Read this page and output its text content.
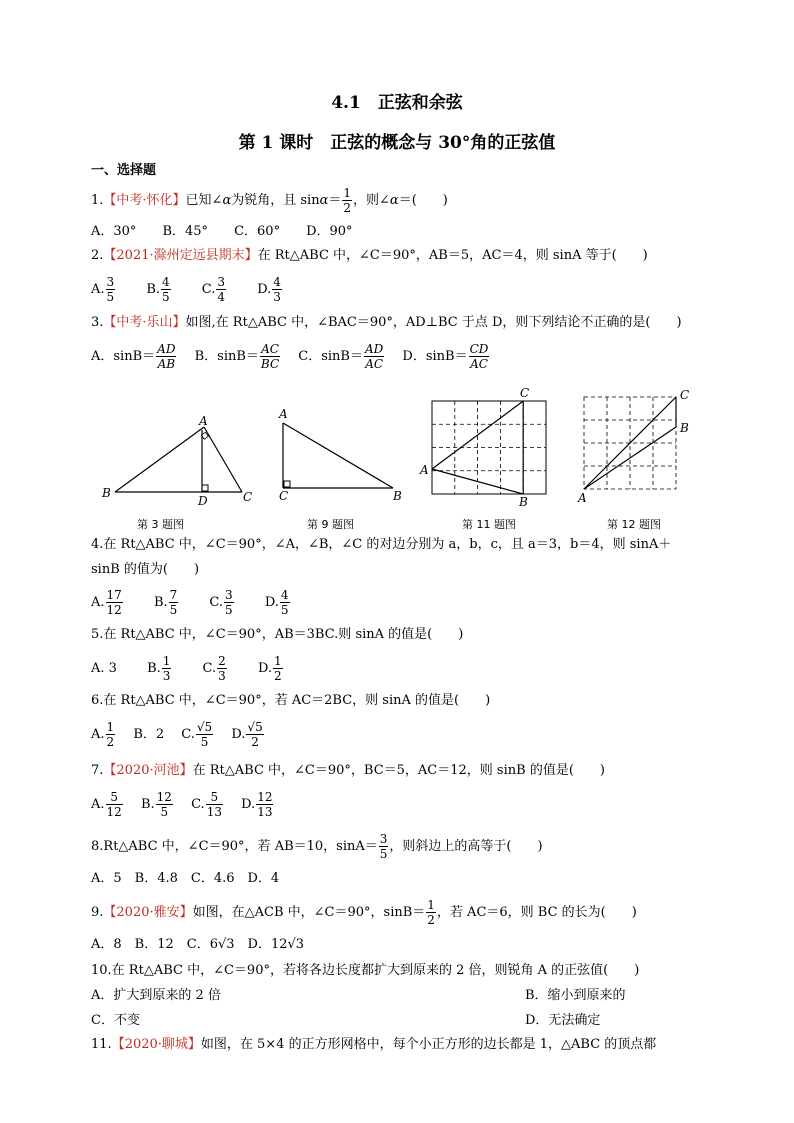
4.1　正弦和余弦
第 1 课时　正弦的概念与 30°角的正弦值
一、选择题
1.【中考·怀化】已知∠α为锐角，且 $\sin\alpha= \frac{1}{2}$ ，则∠α＝(　　)
A．30°　　 B．45°　　 C．60°　　 D．90°
2.【2021·滁州定远县期末】在 Rt△ABC 中，∠C＝90°，AB＝5，AC＝4，则 sinA 等于(　　)
A. $\frac{3}{5}$
　　 B. $\frac{4}{5}$
　　 C. $\frac{3}{4}$
　　 D. $\frac{4}{3}$
3.【中考·乐山】如图,在 Rt△ABC 中，∠BAC＝90°，AD⊥BC 于点 D，则下列结论不正确的是(　　)
A．$\sin B= \frac{AD}{AB}$
　 B．$\sin B= \frac{AC}{BC}$
　 C．$\sin B= \frac{AD}{AC}$
　 D．$\sin B= \frac{CD}{AC}$
A
B	C
D
A
C	B
C
A
B
C
B
A
第 3 题图	第 9 题图	第 11 题图	第 12 题图
4.在 Rt△ABC 中，∠C＝90°，∠A，∠B，∠C 的对边分别为 a，b，c，且 a＝3，b＝4，则 sinA＋
sinB 的值为(　　)
A. $\frac{17}{12}$
　　 B. $\frac{7}{5}$
　　 C. $\frac{3}{5}$
　　 D. $\frac{4}{5}$
5.在 Rt△ABC 中，∠C＝90°，AB＝3BC.则 sinA 的值是(　　)
A. 3　　 B. $\frac{1}{3}$
　　 C. $\frac{2}{3}$
　　 D. $\frac{1}{2}$
6.在 Rt△ABC 中，∠C＝90°，若 AC＝2BC，则 sinA 的值是(　　)
A. $\frac{1}{2}$
　 B．2　 C. $\frac{√5}{5}$
　 D. $\frac{√5}{2}$
7.【2020·河池】在 Rt△ABC 中，∠C＝90°，BC＝5，AC＝12，则 sinB 的值是(　　)
A. $\frac{5}{12}$
　 B. $\frac{12}{5}$
　 C. $\frac{5}{13}$
　 D. $\frac{12}{13}$
8.Rt△ABC 中，∠C＝90°，若 AB＝10，$\sin A= \frac{3}{5}$ ，则斜边上的高等于(　　)
A．5　B．4.8　C．4.6　D．4
9.【2020·雅安】如图，在△ACB 中，∠C＝90°，$\sin B= \frac{1}{2}$ ，若 AC＝6，则 BC 的长为(　　)
A．8　B．12　C．6√3　D．12√3
10.在 Rt△ABC 中，∠C＝90°，若将各边长度都扩大到原来的 2 倍，则锐角 A 的正弦值(　　)
A．扩大到原来的 2 倍	B．缩小到原来的
C．不变	D．无法确定
11.【2020·聊城】如图，在 5×4 的正方形网格中，每个小正方形的边长都是 1，△ABC 的顶点都
